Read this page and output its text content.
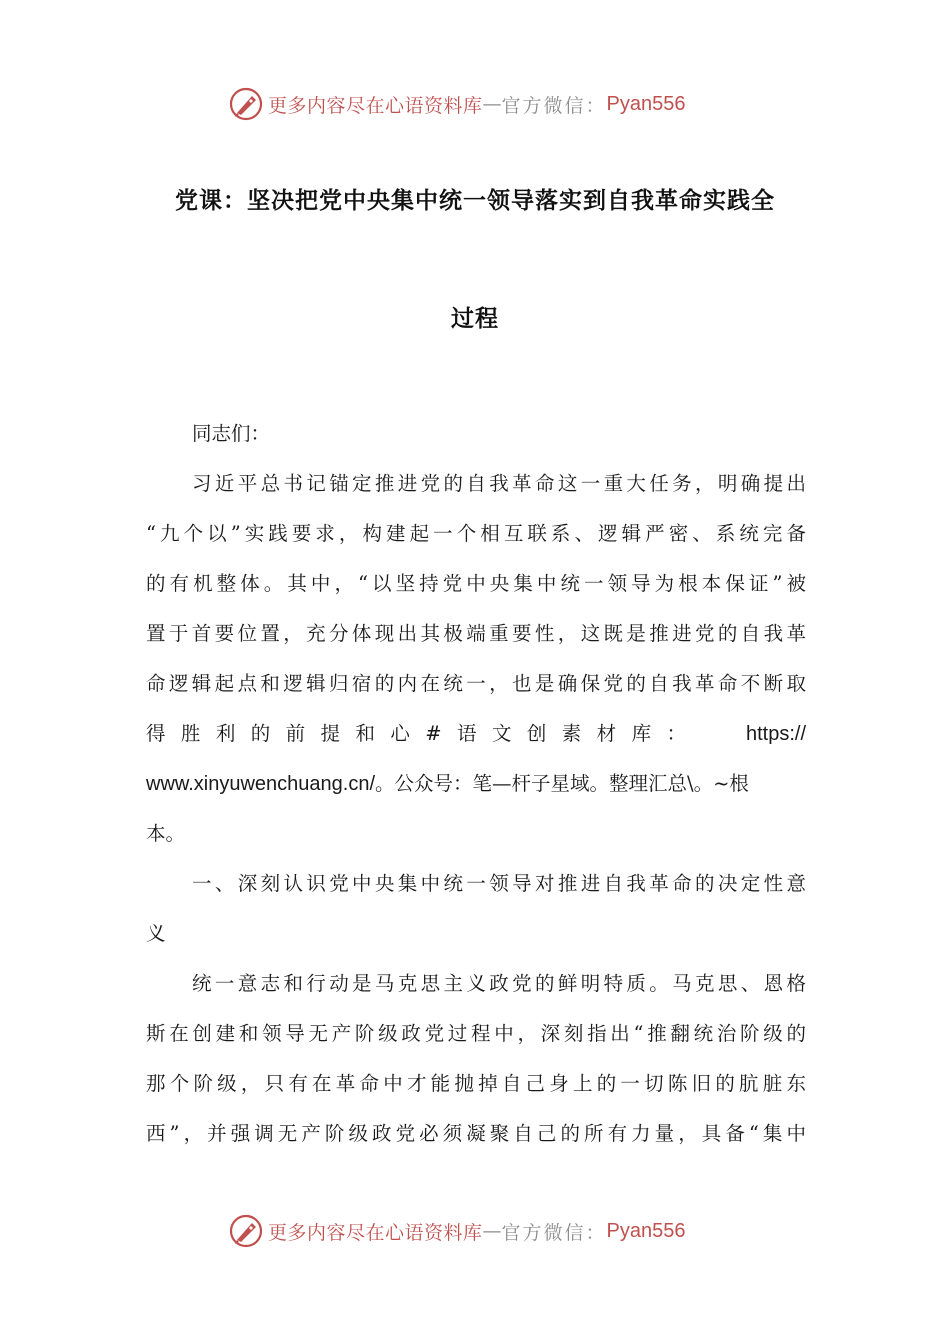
更多内容尽在心语资料库 — 官方微信： Pyan556
党课：坚决把党中央集中统一领导落实到自我革命实践全
过程
同志们：
习近平总书记锚定推进党的自我革命这一重大任务，明确提出
“九个以”实践要求，构建起一个相互联系、逻辑严密、系统完备
的有机整体。其中，“以坚持党中央集中统一领导为根本保证”被
置于首要位置，充分体现出其极端重要性，这既是推进党的自我革
命逻辑起点和逻辑归宿的内在统一，也是确保党的自我革命不断取
得胜利的前提和心#语文创素材库：	https://
www.xinyuwenchuang.cn/。公众号：笔—杆子星域。整理汇总\。~根
本。
一、深刻认识党中央集中统一领导对推进自我革命的决定性意
义
统一意志和行动是马克思主义政党的鲜明特质。马克思、恩格
斯在创建和领导无产阶级政党过程中，深刻指出“推翻统治阶级的
那个阶级，只有在革命中才能抛掉自己身上的一切陈旧的肮脏东
西”，并强调无产阶级政党必须凝聚自己的所有力量，具备“集中
更多内容尽在心语资料库 — 官方微信： Pyan556
